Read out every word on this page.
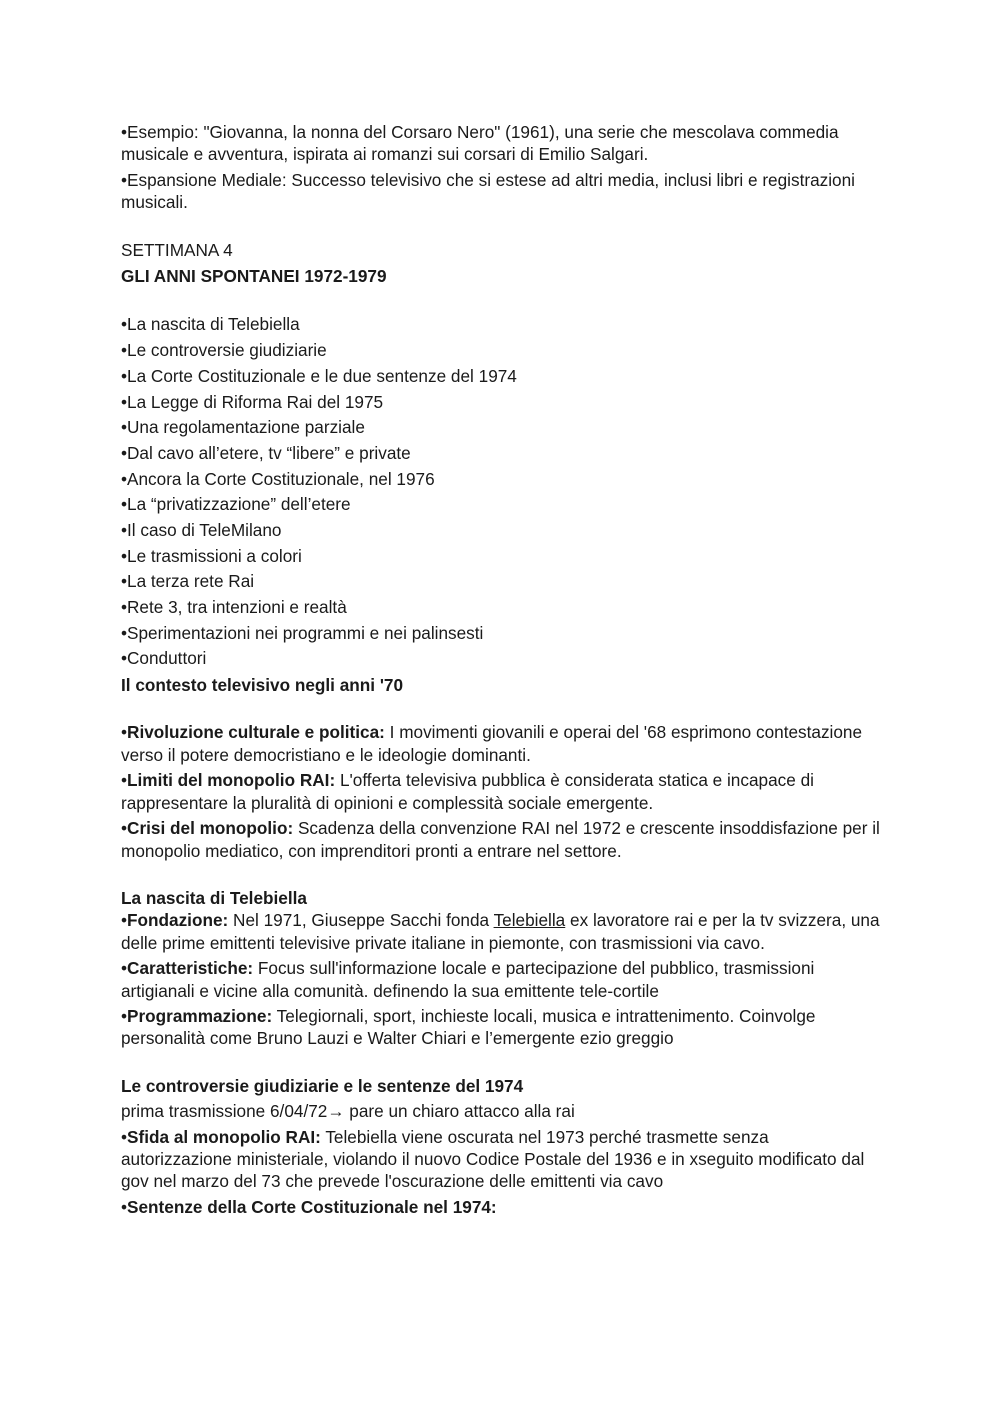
•Esempio: "Giovanna, la nonna del Corsaro Nero" (1961), una serie che mescolava commedia musicale e avventura, ispirata ai romanzi sui corsari di Emilio Salgari.

•Espansione Mediale: Successo televisivo che si estese ad altri media, inclusi libri e registrazioni musicali.

SETTIMANA 4

GLI ANNI SPONTANEI 1972-1979

•La nascita di Telebiella

•Le controversie giudiziarie

•La Corte Costituzionale e le due sentenze del 1974

•La Legge di Riforma Rai del 1975

•Una regolamentazione parziale

•Dal cavo all’etere, tv “libere” e private

•Ancora la Corte Costituzionale, nel 1976

•La “privatizzazione” dell’etere

•Il caso di TeleMilano

•Le trasmissioni a colori

•La terza rete Rai

•Rete 3, tra intenzioni e realtà

•Sperimentazioni nei programmi e nei palinsesti

•Conduttori

Il contesto televisivo negli anni '70

•Rivoluzione culturale e politica: I movimenti giovanili e operai del '68 esprimono contestazione verso il potere democristiano e le ideologie dominanti.

•Limiti del monopolio RAI: L'offerta televisiva pubblica è considerata statica e incapace di rappresentare la pluralità di opinioni e complessità sociale emergente.

•Crisi del monopolio: Scadenza della convenzione RAI nel 1972 e crescente insoddisfazione per il monopolio mediatico, con imprenditori pronti a entrare nel settore.

La nascita di Telebiella

•Fondazione: Nel 1971, Giuseppe Sacchi fonda Telebiella ex lavoratore rai e per la tv svizzera, una delle prime emittenti televisive private italiane in piemonte, con trasmissioni via cavo.

•Caratteristiche: Focus sull'informazione locale e partecipazione del pubblico, trasmissioni artigianali e vicine alla comunità. definendo la sua emittente tele-cortile

•Programmazione: Telegiornali, sport, inchieste locali, musica e intrattenimento. Coinvolge personalità come Bruno Lauzi e Walter Chiari e l’emergente ezio greggio

Le controversie giudiziarie e le sentenze del 1974

prima trasmissione 6/04/72→ pare un chiaro attacco alla rai

•Sfida al monopolio RAI: Telebiella viene oscurata nel 1973 perché trasmette senza autorizzazione ministeriale, violando il nuovo Codice Postale del 1936 e in xseguito modificato dal gov nel marzo del 73 che prevede l'oscurazione delle emittenti via cavo

•Sentenze della Corte Costituzionale nel 1974:
